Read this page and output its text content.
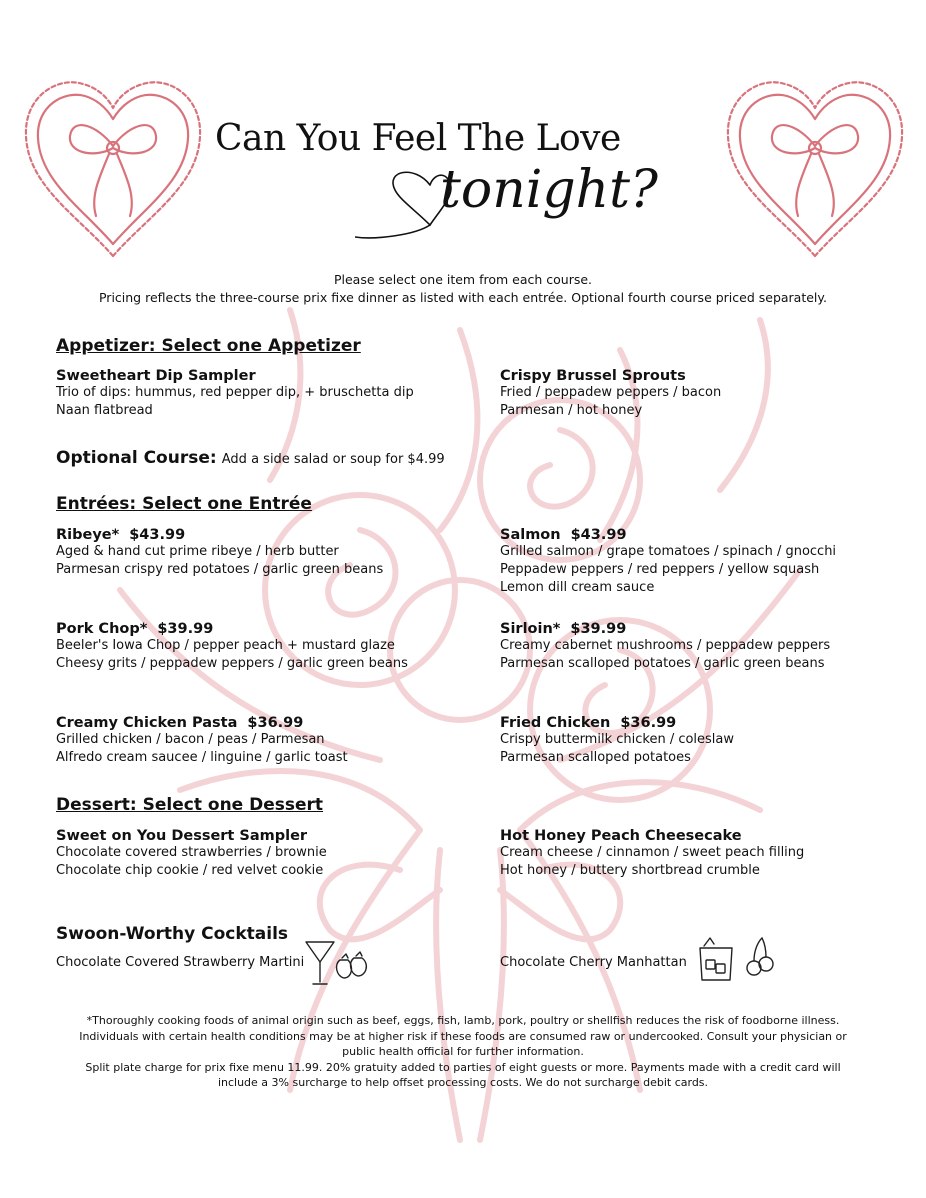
Can You Feel The Love
tonight?
Please select one item from each course.
Pricing reflects the three-course prix fixe dinner as listed with each entrée. Optional fourth course priced separately.
Appetizer: Select one Appetizer
Sweetheart Dip Sampler
Trio of dips: hummus, red pepper dip, + bruschetta dip
Naan flatbread
Crispy Brussel Sprouts
Fried / peppadew peppers / bacon
Parmesan / hot honey
Optional Course: Add a side salad or soup for $4.99
Entrées: Select one Entrée
Ribeye* $43.99
Aged & hand cut prime ribeye / herb butter
Parmesan crispy red potatoes / garlic green beans
Salmon $43.99
Grilled salmon / grape tomatoes / spinach / gnocchi
Peppadew peppers / red peppers / yellow squash
Lemon dill cream sauce
Pork Chop* $39.99
Beeler's Iowa Chop / pepper peach + mustard glaze
Cheesy grits / peppadew peppers / garlic green beans
Sirloin* $39.99
Creamy cabernet mushrooms / peppadew peppers
Parmesan scalloped potatoes / garlic green beans
Creamy Chicken Pasta $36.99
Grilled chicken / bacon / peas / Parmesan
Alfredo cream saucee / linguine / garlic toast
Fried Chicken $36.99
Crispy buttermilk chicken / coleslaw
Parmesan scalloped potatoes
Dessert: Select one Dessert
Sweet on You Dessert Sampler
Chocolate covered strawberries / brownie
Chocolate chip cookie / red velvet cookie
Hot Honey Peach Cheesecake
Cream cheese / cinnamon / sweet peach filling
Hot honey / buttery shortbread crumble
Swoon-Worthy Cocktails
Chocolate Covered Strawberry Martini	Chocolate Cherry Manhattan
*Thoroughly cooking foods of animal origin such as beef, eggs, fish, lamb, pork, poultry or shellfish reduces the risk of foodborne illness.
Individuals with certain health conditions may be at higher risk if these foods are consumed raw or undercooked. Consult your physician or
public health official for further information.
Split plate charge for prix fixe menu 11.99. 20% gratuity added to parties of eight guests or more. Payments made with a credit card will
include a 3% surcharge to help offset processing costs. We do not surcharge debit cards.
